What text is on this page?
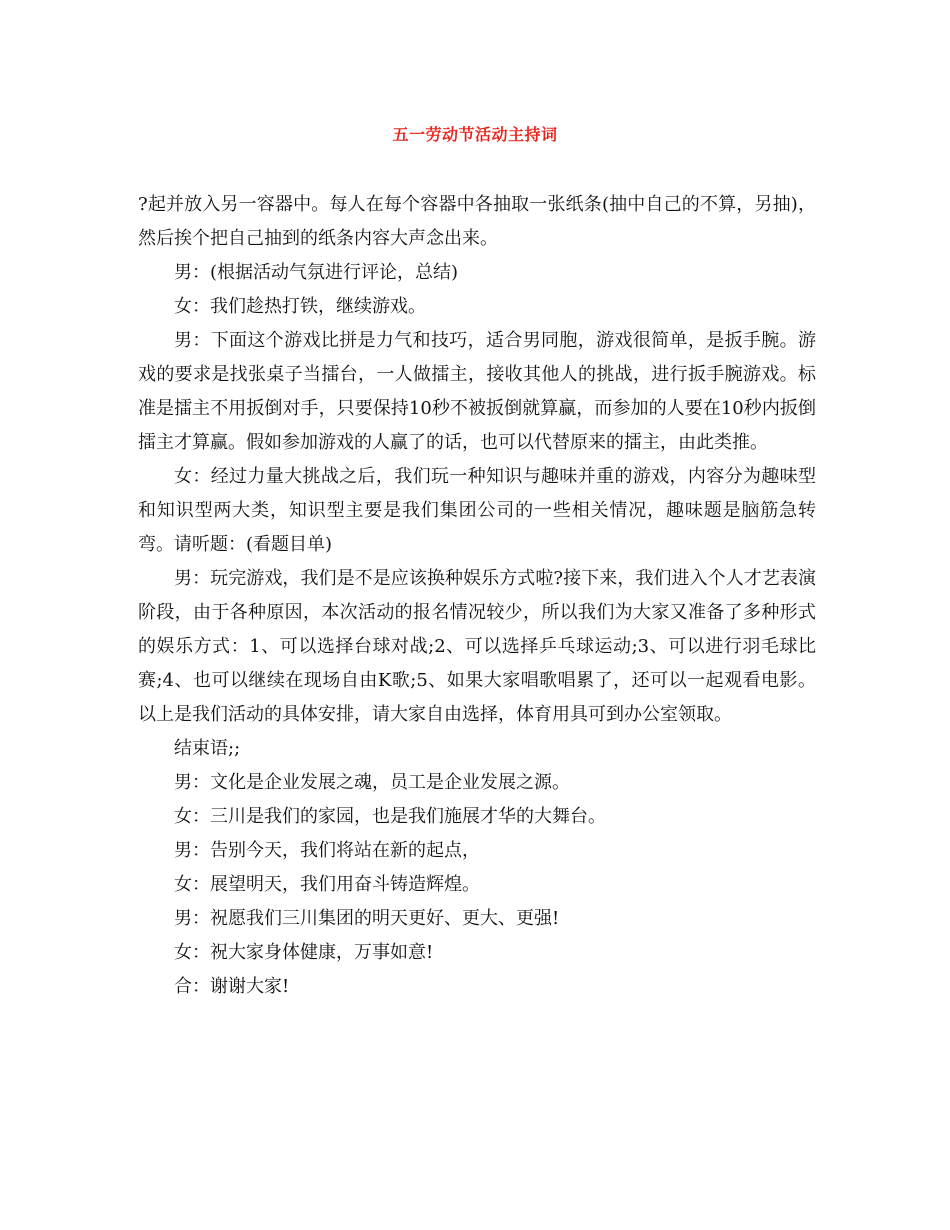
五一劳动节活动主持词

?起并放入另一容器中。每人在每个容器中各抽取一张纸条(抽中自己的不算，另抽)，然后挨个把自己抽到的纸条内容大声念出来。

男：(根据活动气氛进行评论，总结)

女：我们趁热打铁，继续游戏。

男：下面这个游戏比拼是力气和技巧，适合男同胞，游戏很简单，是扳手腕。游戏的要求是找张桌子当擂台，一人做擂主，接收其他人的挑战，进行扳手腕游戏。标准是擂主不用扳倒对手，只要保持10秒不被扳倒就算赢，而参加的人要在10秒内扳倒擂主才算赢。假如参加游戏的人赢了的话，也可以代替原来的擂主，由此类推。

女：经过力量大挑战之后，我们玩一种知识与趣味并重的游戏，内容分为趣味型和知识型两大类，知识型主要是我们集团公司的一些相关情况，趣味题是脑筋急转弯。请听题：(看题目单)

男：玩完游戏，我们是不是应该换种娱乐方式啦?接下来，我们进入个人才艺表演阶段，由于各种原因，本次活动的报名情况较少，所以我们为大家又准备了多种形式的娱乐方式：1、可以选择台球对战;2、可以选择乒乓球运动;3、可以进行羽毛球比赛;4、也可以继续在现场自由K歌;5、如果大家唱歌唱累了，还可以一起观看电影。以上是我们活动的具体安排，请大家自由选择，体育用具可到办公室领取。

结束语;;

男：文化是企业发展之魂，员工是企业发展之源。

女：三川是我们的家园，也是我们施展才华的大舞台。

男：告别今天，我们将站在新的起点，

女：展望明天，我们用奋斗铸造辉煌。

男：祝愿我们三川集团的明天更好、更大、更强!

女：祝大家身体健康，万事如意!

合：谢谢大家!
